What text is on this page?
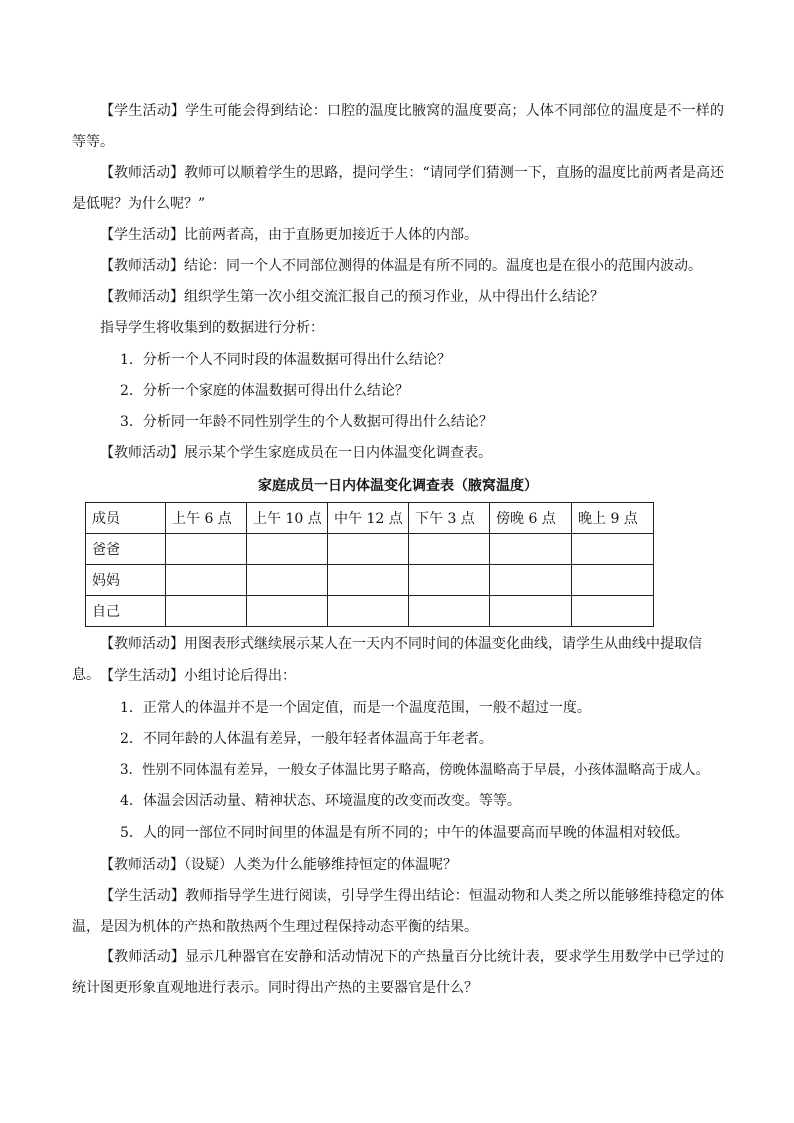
【学生活动】学生可能会得到结论：口腔的温度比腋窝的温度要高；人体不同部位的温度是不一样的等等。

【教师活动】教师可以顺着学生的思路，提问学生：“请同学们猜测一下，直肠的温度比前两者是高还是低呢？为什么呢？”

【学生活动】比前两者高，由于直肠更加接近于人体的内部。

【教师活动】结论：同一个人不同部位测得的体温是有所不同的。温度也是在很小的范围内波动。

【教师活动】组织学生第一次小组交流汇报自己的预习作业，从中得出什么结论？

指导学生将收集到的数据进行分析：

1．分析一个人不同时段的体温数据可得出什么结论？

2．分析一个家庭的体温数据可得出什么结论？

3．分析同一年龄不同性别学生的个人数据可得出什么结论？

【教师活动】展示某个学生家庭成员在一日内体温变化调查表。

家庭成员一日内体温变化调查表（腋窝温度）
成员	上午 6 点	上午 10 点	中午 12 点	下午 3 点	傍晚 6 点	晚上 9 点
爸爸						
妈妈						
自己						

【教师活动】用图表形式继续展示某人在一天内不同时间的体温变化曲线，请学生从曲线中提取信息。 【学生活动】小组讨论后得出：

1．正常人的体温并不是一个固定值，而是一个温度范围，一般不超过一度。

2．不同年龄的人体温有差异，一般年轻者体温高于年老者。

3．性别不同体温有差异，一般女子体温比男子略高，傍晚体温略高于早晨，小孩体温略高于成人。

4．体温会因活动量、精神状态、环境温度的改变而改变。等等。

5．人的同一部位不同时间里的体温是有所不同的；中午的体温要高而早晚的体温相对较低。

【教师活动】（设疑）人类为什么能够维持恒定的体温呢？

【学生活动】教师指导学生进行阅读，引导学生得出结论：恒温动物和人类之所以能够维持稳定的体温，是因为机体的产热和散热两个生理过程保持动态平衡的结果。

【教师活动】显示几种器官在安静和活动情况下的产热量百分比统计表，要求学生用数学中已学过的统计图更形象直观地进行表示。同时得出产热的主要器官是什么？
